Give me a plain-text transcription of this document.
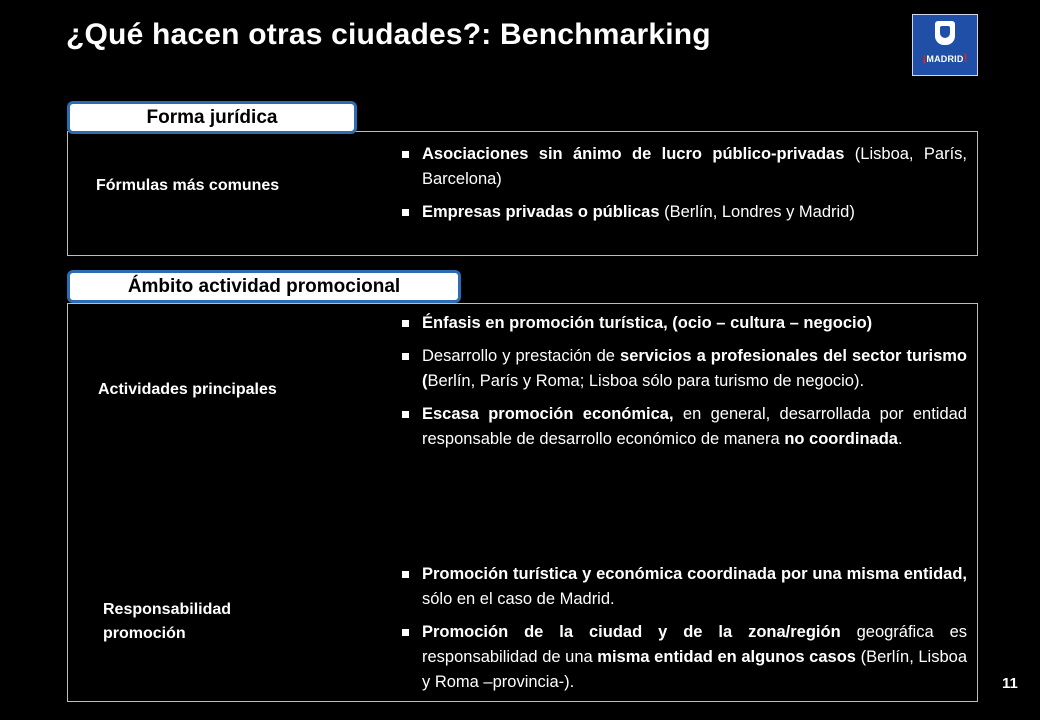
¿Qué hacen otras ciudades?: Benchmarking
¡MADRID!
Forma jurídica
Fórmulas más comunes
Asociaciones sin ánimo de lucro público-privadas (Lisboa, París, Barcelona)
Empresas privadas o públicas (Berlín, Londres y Madrid)
Ámbito actividad promocional
Actividades principales
Énfasis en promoción turística, (ocio – cultura – negocio)
Desarrollo y prestación de servicios a profesionales del sector turismo (Berlín, París y Roma; Lisboa sólo para turismo de negocio).
Escasa promoción económica, en general, desarrollada por entidad responsable de desarrollo económico de manera no coordinada.
Responsabilidad
promoción
Promoción turística y económica coordinada por una misma entidad, sólo en el caso de Madrid.
Promoción de la ciudad y de la zona/región geográfica es responsabilidad de una misma entidad en algunos casos (Berlín, Lisboa y Roma –provincia-).	11
